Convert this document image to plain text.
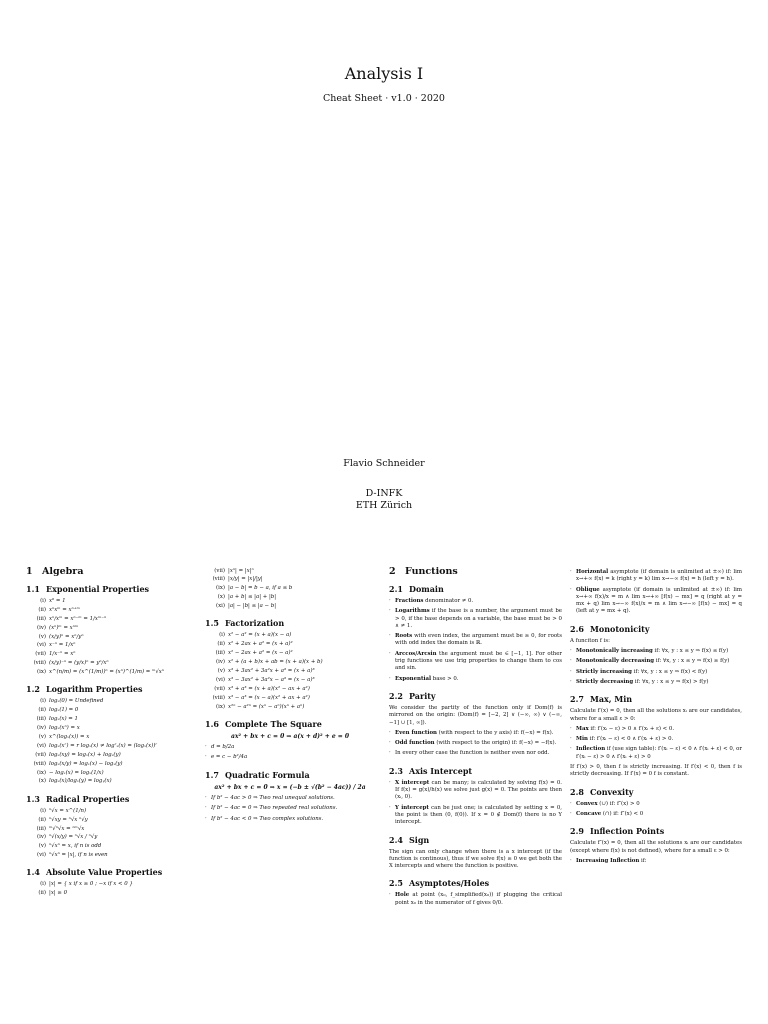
Analysis I
Cheat Sheet · v1.0 · 2020
Flavio Schneider
D-INFK
ETH Zürich
1 Algebra
1.1 Exponential Properties
(i) x⁰ = 1
(ii) xⁿxᵐ = xⁿ⁺ᵐ
(iii) xⁿ/xᵐ = xⁿ⁻ᵐ = 1/xᵐ⁻ⁿ
(iv) (xⁿ)ᵐ = xⁿᵐ
(v) (x/y)ⁿ = xⁿ/yⁿ
(vi) x⁻ⁿ = 1/xⁿ
(vii) 1/x⁻ⁿ = xⁿ
(viii) (x/y)⁻ⁿ = (y/x)ⁿ = yⁿ/xⁿ
(ix) x^(n/m) = (x^(1/m))ⁿ = (xⁿ)^(1/m) = ᵐ√xⁿ
1.2 Logarithm Properties
(i) logₓ(0) = Undefined
(ii) logₓ(1) = 0
(iii) logₓ(x) = 1
(iv) logₓ(xⁿ) = x
(v) x^(logₓ(x)) = x
(vi) logₓ(xʳ) = r logₓ(x) ≠ logʳₓ(x) = (logₓ(x))ʳ
(vii) logₓ(xy) = logₓ(x) + logₓ(y)
(viii) logₓ(x/y) = logₓ(x) − logₓ(y)
(ix) − logₓ(x) = logₓ(1/x)
(x) logₓ(x)/logₓ(y) = logᵧ(x)
1.3 Radical Properties
(i) ⁿ√x = x^(1/n)
(ii) ⁿ√xy = ⁿ√x ⁿ√y
(iii) ᵐ√ⁿ√x = ⁿᵐ√x
(iv) ⁿ√(x/y) = ⁿ√x / ⁿ√y
(v) ⁿ√xⁿ = x, if n is odd
(vi) ⁿ√xⁿ = |x|, if n is even
1.4 Absolute Value Properties
(i) |x| = { x if x ≥ 0 ; −x if x < 0 }
(ii) |x| ≥ 0
(vii) |xⁿ| = |x|ⁿ
(viii) |x/y| = |x|/|y|
(ix) |a − b| = b − a, if a ≤ b
(x) |a + b| ≤ |a| + |b|
(xi) |a| − |b| ≤ |a − b|
1.5 Factorization
(i) x² − a² = (x + a)(x − a)
(ii) x² + 2ax + a² = (x + a)²
(iii) x² − 2ax + a² = (x − a)²
(iv) x² + (a + b)x + ab = (x + a)(x + b)
(v) x³ + 3ax² + 3a²x + a³ = (x + a)³
(vi) x³ − 3ax² + 3a²x − a³ = (x − a)³
(vii) x³ + a³ = (x + a)(x² − ax + a²)
(viii) x³ − a³ = (x − a)(x² + ax + a²)
(ix) x²ⁿ − a²ⁿ = (xⁿ − aⁿ)(xⁿ + aⁿ)
1.6 Complete The Square
ax² + bx + c = 0 ⇒ a(x + d)² + e = 0
· d = b/2a
· e = c − b²/4a
1.7 Quadratic Formula
ax² + bx + c = 0 ⇒ x = (−b ± √(b² − 4ac)) / 2a
· If b² − 4ac > 0 ⇒ Two real unequal solutions.
· If b² − 4ac = 0 ⇒ Two repeated real solutions.
· If b² − 4ac < 0 ⇒ Two complex solutions.
2 Functions
2.1 Domain
· Fractions denominator ≠ 0.
· Logarithms if the base is a number, the argument must be > 0, if the base depends on a variable, the base must be > 0 ∧ ≠ 1.
· Roots with even index, the argument must be ≥ 0, for roots with odd index the domain is ℝ.
· Arccos/Arcsin the argument must be ∈ [−1, 1]. For other trig functions we use trig properties to change them to cos and sin.
· Exponential base > 0.
2.2 Parity
We consider the partity of the function only if Dom(f) is mirrored on the origin: (Dom(f) = [−2, 2] ∨ (−∞, ∞) ∨ (−∞, −1] ∪ [1, ∞]).
· Even function (with respect to the y axis) if: f(−x) = f(x).
· Odd function (with respect to the origin) if: f(−x) = −f(x).
· In every other case the function is neither even nor odd.
2.3 Axis Intercept
· X intercept can be many; is calculated by solving f(x) = 0. If f(x) = g(x)/h(x) we solve just g(x) = 0. The points are then (xᵢ, 0).
· Y intercept can be just one; is calculated by setting x = 0, the point is then (0, f(0)). If x = 0 ∉ Dom(f) there is no Y intercept.
2.4 Sign
The sign can only change when there is a x intercept (if the function is continous), thus if we solve f(x) ≥ 0 we get both the X intercepts and where the function is positive.
2.5 Asymptotes/Holes
· Hole at point (x₀, f_simplified(x₀)) if plugging the critical point x₀ in the numerator of f gives 0/0.
· Horizontal asymptote (if domain is unlimited at ±∞) if: lim x→+∞ f(x) = k (right y = k) lim x→−∞ f(x) = h (left y = h).
· Oblique asymptote (if domain is unlimited at ±∞) if: lim x→+∞ f(x)/x = m ∧ lim x→+∞ [f(x) − mx] = q (right at y = mx + q) lim x→−∞ f(x)/x = m ∧ lim x→−∞ [f(x) − mx] = q (left at y = mx + q).
2.6 Monotonicity
A funciton f is:
· Monotonically increasing if: ∀x, y : x ≤ y ⇒ f(x) ≤ f(y)
· Monotonically decreasing if: ∀x, y : x ≤ y ⇒ f(x) ≥ f(y)
· Strictly increasing if: ∀x, y : x ≤ y ⇒ f(x) < f(y)
· Strictly decreasing if: ∀x, y : x ≤ y ⇒ f(x) > f(y)
2.7 Max, Min
Calculate f′(x) = 0, then all the solutions xᵢ are our candidates, where for a small ε > 0:
· Max if: f′(xᵢ − ε) > 0 ∧ f′(xᵢ + ε) < 0.
· Min if: f′(xᵢ − ε) < 0 ∧ f′(xᵢ + ε) > 0.
· Inflection if (use sign table): f′(xᵢ − ε) < 0 ∧ f′(xᵢ + ε) < 0, or f′(xᵢ − ε) > 0 ∧ f′(xᵢ + ε) > 0
If f′(x) > 0, then f is strictly increasing. If f′(x) < 0, then f is strictly decreasing. If f′(x) = 0 f is constant.
2.8 Convexity
· Convex (∪) if: f″(x) > 0
· Concave (∩) if: f″(x) < 0
2.9 Inflection Points
Calculate f″(x) = 0, then all the solutions xᵢ are our candidates (except where f(x) is not defined), where for a small ε > 0:
· Increasing Inflection if:
